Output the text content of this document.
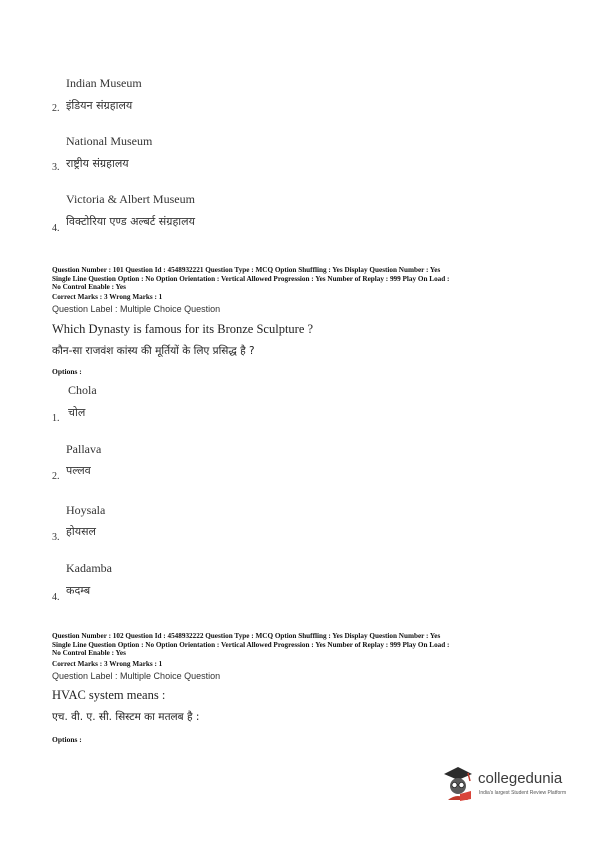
Indian Museum
2. इंडियन संग्रहालय
National Museum
3. राष्ट्रीय संग्रहालय
Victoria & Albert Museum
4.
विक्टोरिया एण्ड अल्बर्ट संग्रहालय
Question Number : 101 Question Id : 4548932221 Question Type : MCQ Option Shuffling : Yes Display Question Number : Yes
Single Line Question Option : No Option Orientation : Vertical Allowed Progression : Yes Number of Replay : 999 Play On Load :
No Control Enable : Yes
Correct Marks : 3 Wrong Marks : 1
Question Label : Multiple Choice Question
Which Dynasty is famous for its Bronze Sculpture ?
कौन-सा राजवंश कांस्य की मूर्तियों के लिए प्रसिद्ध है ?
Options :
Chola
1. चोल
Pallava
2. पल्लव
Hoysala
3. होयसल
Kadamba
4.
कदम्ब
Question Number : 102 Question Id : 4548932222 Question Type : MCQ Option Shuffling : Yes Display Question Number : Yes
Single Line Question Option : No Option Orientation : Vertical Allowed Progression : Yes Number of Replay : 999 Play On Load :
No Control Enable : Yes
Correct Marks : 3 Wrong Marks : 1
Question Label : Multiple Choice Question
HVAC system means :
एच. वी. ए. सी. सिस्टम का मतलब है :
Options :
collegedunia
India's largest Student Review Platform
